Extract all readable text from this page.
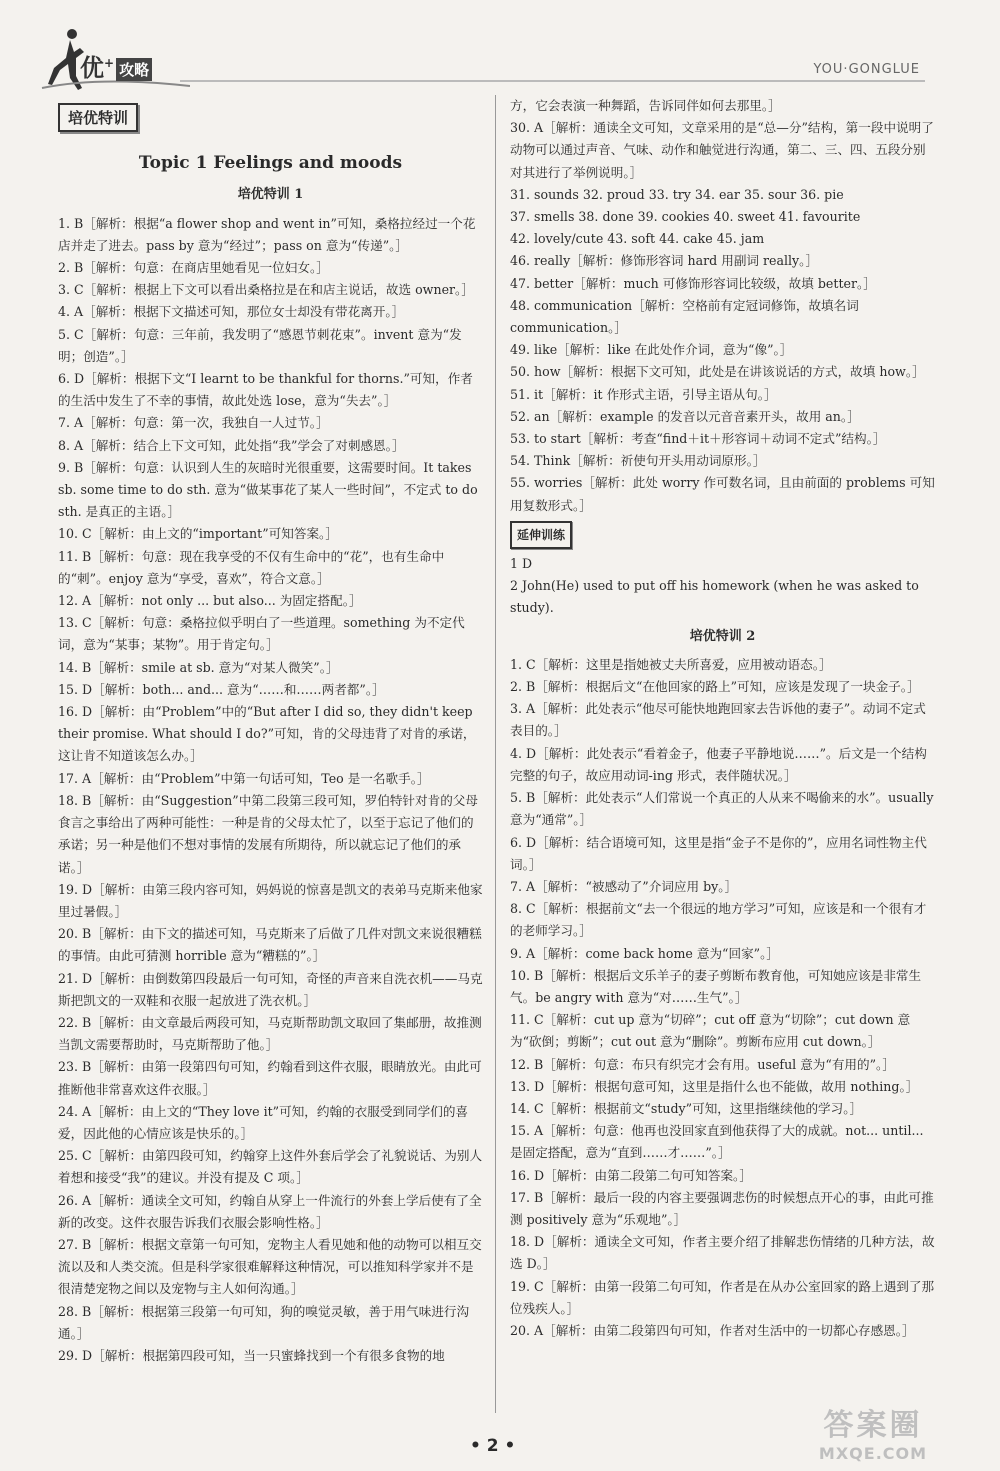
优+ 攻略	YOU·GONGLUE
培优特训
Topic 1 Feelings and moods
培优特训 1
1. B［解析：根据“a flower shop and went in”可知，桑格拉经过一个花店并走了进去。pass by 意为“经过”；pass on 意为“传递”。］
2. B［解析：句意：在商店里她看见一位妇女。］
3. C［解析：根据上下文可以看出桑格拉是在和店主说话，故选 owner。］
4. A［解析：根据下文描述可知，那位女士却没有带花离开。］
5. C［解析：句意：三年前，我发明了“感恩节刺花束”。invent 意为“发明；创造”。］
6. D［解析：根据下文“I learnt to be thankful for thorns.”可知，作者的生活中发生了不幸的事情，故此处选 lose，意为“失去”。］
7. A［解析：句意：第一次，我独自一人过节。］
8. A［解析：结合上下文可知，此处指“我”学会了对刺感恩。］
9. B［解析：句意：认识到人生的灰暗时光很重要，这需要时间。It takes sb. some time to do sth. 意为“做某事花了某人一些时间”，不定式 to do sth. 是真正的主语。］
10. C［解析：由上文的“important”可知答案。］
11. B［解析：句意：现在我享受的不仅有生命中的“花”，也有生命中的“刺”。enjoy 意为“享受，喜欢”，符合文意。］
12. A［解析：not only ... but also... 为固定搭配。］
13. C［解析：句意：桑格拉似乎明白了一些道理。something 为不定代词，意为“某事；某物”。用于肯定句。］
14. B［解析：smile at sb. 意为“对某人微笑”。］
15. D［解析：both... and... 意为“……和……两者都”。］
16. D［解析：由“Problem”中的“But after I did so, they didn't keep their promise. What should I do?”可知，肯的父母违背了对肯的承诺，这让肯不知道该怎么办。］
17. A［解析：由“Problem”中第一句话可知，Teo 是一名歌手。］
18. B［解析：由“Suggestion”中第二段第三段可知，罗伯特针对肯的父母食言之事给出了两种可能性：一种是肯的父母太忙了，以至于忘记了他们的承诺；另一种是他们不想对事情的发展有所期待，所以就忘记了他们的承诺。］
19. D［解析：由第三段内容可知，妈妈说的惊喜是凯文的表弟马克斯来他家里过暑假。］
20. B［解析：由下文的描述可知，马克斯来了后做了几件对凯文来说很糟糕的事情。由此可猜测 horrible 意为“糟糕的”。］
21. D［解析：由倒数第四段最后一句可知，奇怪的声音来自洗衣机——马克斯把凯文的一双鞋和衣服一起放进了洗衣机。］
22. B［解析：由文章最后两段可知，马克斯帮助凯文取回了集邮册，故推测当凯文需要帮助时，马克斯帮助了他。］
23. B［解析：由第一段第四句可知，约翰看到这件衣服，眼睛放光。由此可推断他非常喜欢这件衣服。］
24. A［解析：由上文的“They love it”可知，约翰的衣服受到同学们的喜爱，因此他的心情应该是快乐的。］
25. C［解析：由第四段可知，约翰穿上这件外套后学会了礼貌说话、为别人着想和接受“我”的建议。并没有提及 C 项。］
26. A［解析：通读全文可知，约翰自从穿上一件流行的外套上学后使有了全新的改变。这件衣服告诉我们衣服会影响性格。］
27. B［解析：根据文章第一句可知，宠物主人看见她和他的动物可以相互交流以及和人类交流。但是科学家很难解释这种情况，可以推知科学家并不是很清楚宠物之间以及宠物与主人如何沟通。］
28. B［解析：根据第三段第一句可知，狗的嗅觉灵敏，善于用气味进行沟通。］
29. D［解析：根据第四段可知，当一只蜜蜂找到一个有很多食物的地
方，它会表演一种舞蹈，告诉同伴如何去那里。］
30. A［解析：通读全文可知，文章采用的是“总—分”结构，第一段中说明了动物可以通过声音、气味、动作和触觉进行沟通，第二、三、四、五段分别对其进行了举例说明。］
31. sounds 32. proud 33. try 34. ear 35. sour 36. pie
37. smells 38. done 39. cookies 40. sweet 41. favourite
42. lovely/cute 43. soft 44. cake 45. jam
46. really［解析：修饰形容词 hard 用副词 really。］
47. better［解析：much 可修饰形容词比较级，故填 better。］
48. communication［解析：空格前有定冠词修饰，故填名词 communication。］
49. like［解析：like 在此处作介词，意为“像”。］
50. how［解析：根据下文可知，此处是在讲该说话的方式，故填 how。］
51. it［解析：it 作形式主语，引导主语从句。］
52. an［解析：example 的发音以元音音素开头，故用 an。］
53. to start［解析：考查“find＋it＋形容词＋动词不定式”结构。］
54. Think［解析：祈使句开头用动词原形。］
55. worries［解析：此处 worry 作可数名词，且由前面的 problems 可知用复数形式。］
延伸训练
1 D
2 John(He) used to put off his homework (when he was asked to study).
培优特训 2
1. C［解析：这里是指她被丈夫所喜爱，应用被动语态。］
2. B［解析：根据后文“在他回家的路上”可知，应该是发现了一块金子。］
3. A［解析：此处表示“他尽可能快地跑回家去告诉他的妻子”。动词不定式表目的。］
4. D［解析：此处表示“看着金子，他妻子平静地说……”。后文是一个结构完整的句子，故应用动词-ing 形式，表伴随状况。］
5. B［解析：此处表示“人们常说一个真正的人从来不喝偷来的水”。usually 意为“通常”。］
6. D［解析：结合语境可知，这里是指“金子不是你的”，应用名词性物主代词。］
7. A［解析：“被感动了”介词应用 by。］
8. C［解析：根据前文“去一个很远的地方学习”可知，应该是和一个很有才的老师学习。］
9. A［解析：come back home 意为“回家”。］
10. B［解析：根据后文乐羊子的妻子剪断布教育他，可知她应该是非常生气。be angry with 意为“对……生气”。］
11. C［解析：cut up 意为“切碎”；cut off 意为“切除”；cut down 意为“砍倒；剪断”；cut out 意为“删除”。剪断布应用 cut down。］
12. B［解析：句意：布只有织完才会有用。useful 意为“有用的”。］
13. D［解析：根据句意可知，这里是指什么也不能做，故用 nothing。］
14. C［解析：根据前文“study”可知，这里指继续他的学习。］
15. A［解析：句意：他再也没回家直到他获得了大的成就。not... until... 是固定搭配，意为“直到……才……”。］
16. D［解析：由第二段第二句可知答案。］
17. B［解析：最后一段的内容主要强调悲伤的时候想点开心的事，由此可推测 positively 意为“乐观地”。］
18. D［解析：通读全文可知，作者主要介绍了排解悲伤情绪的几种方法，故选 D。］
19. C［解析：由第一段第二句可知，作者是在从办公室回家的路上遇到了那位残疾人。］
20. A［解析：由第二段第四句可知，作者对生活中的一切都心存感恩。］
• 2 •
答案圈
MXQE.COM
